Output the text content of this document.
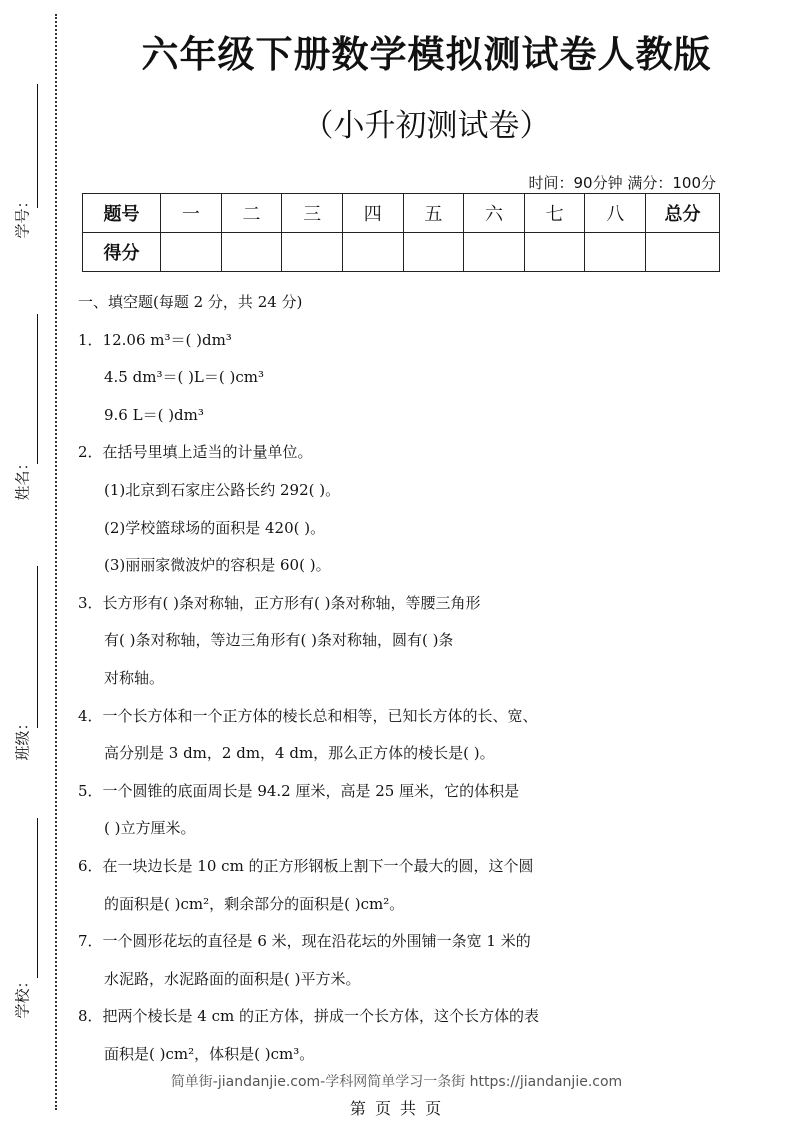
学号：
姓名：
班级：
学校：
六年级下册数学模拟测试卷人教版
（小升初测试卷）
时间：90分钟 满分：100分
题号	一	二	三	四	五	六	七	八	总分
得分									
一、填空题(每题 2 分，共 24 分)
1．12.06 m³＝( )dm³
4.5 dm³＝( )L＝( )cm³
9.6 L＝( )dm³
2．在括号里填上适当的计量单位。
(1)北京到石家庄公路长约 292( )。
(2)学校篮球场的面积是 420( )。
(3)丽丽家微波炉的容积是 60( )。
3．长方形有( )条对称轴，正方形有( )条对称轴，等腰三角形
有( )条对称轴，等边三角形有( )条对称轴，圆有( )条
对称轴。
4．一个长方体和一个正方体的棱长总和相等，已知长方体的长、宽、
高分别是 3 dm，2 dm，4 dm，那么正方体的棱长是( )。
5．一个圆锥的底面周长是 94.2 厘米，高是 25 厘米，它的体积是
( )立方厘米。
6．在一块边长是 10 cm 的正方形钢板上割下一个最大的圆，这个圆
的面积是( )cm²，剩余部分的面积是( )cm²。
7．一个圆形花坛的直径是 6 米，现在沿花坛的外围铺一条宽 1 米的
水泥路，水泥路面的面积是( )平方米。
8．把两个棱长是 4 cm 的正方体，拼成一个长方体，这个长方体的表
面积是( )cm²，体积是( )cm³。
简单街-jiandanjie.com-学科网简单学习一条街 https://jiandanjie.com
第 页 共 页
